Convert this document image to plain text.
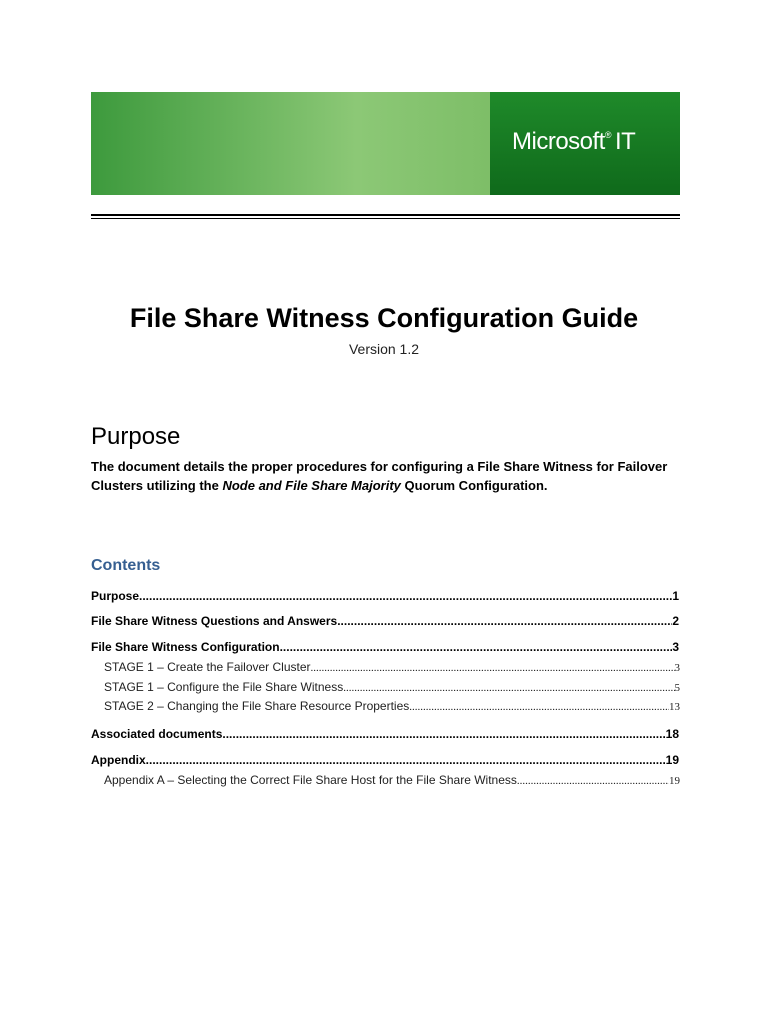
Microsoft® IT
File Share Witness Configuration Guide
Version 1.2
Purpose
The document details the proper procedures for configuring a File Share Witness for Failover Clusters utilizing the Node and File Share Majority Quorum Configuration.
Contents
Purpose .....	1
File Share Witness Questions and Answers .....	2
File Share Witness Configuration .....	3
STAGE 1 – Create the Failover Cluster .....	3
STAGE 1 – Configure the File Share Witness .....	5
STAGE 2 – Changing the File Share Resource Properties .....	13
Associated documents .....	18
Appendix .....	19
Appendix A – Selecting the Correct File Share Host for the File Share Witness .....	19
